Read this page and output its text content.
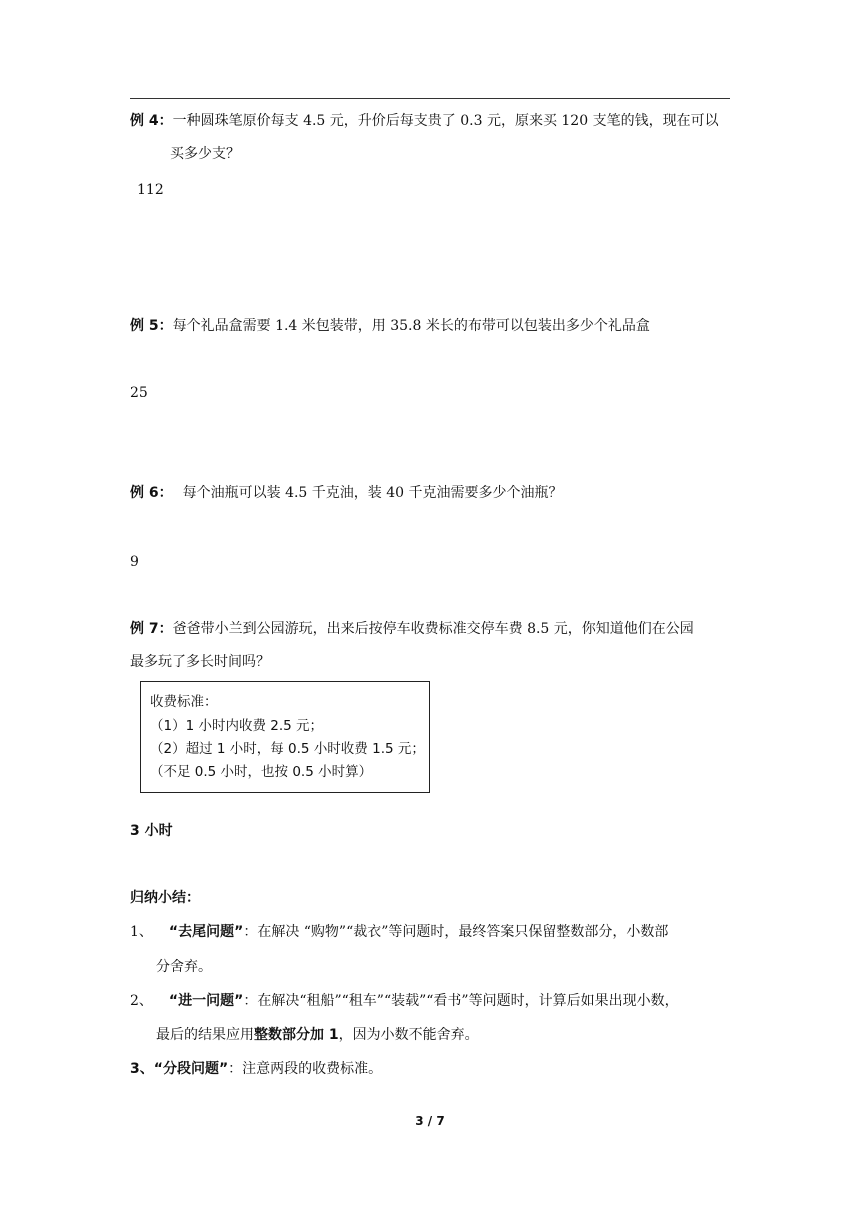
例 4：一种圆珠笔原价每支 4.5 元，升价后每支贵了 0.3 元，原来买 120 支笔的钱，现在可以
买多少支？
112
例 5：每个礼品盒需要 1.4 米包装带，用 35.8 米长的布带可以包装出多少个礼品盒
25
例 6： 每个油瓶可以装 4.5 千克油，装 40 千克油需要多少个油瓶？
9
例 7：爸爸带小兰到公园游玩，出来后按停车收费标准交停车费 8.5 元，你知道他们在公园
最多玩了多长时间吗？
收费标准：
（1）1 小时内收费 2.5 元；
（2）超过 1 小时，每 0.5 小时收费 1.5 元；
（不足 0.5 小时，也按 0.5 小时算）
3 小时
归纳小结：
1、 “去尾问题”：在解决 “购物”“裁衣”等问题时，最终答案只保留整数部分，小数部
分舍弃。
2、 “进一问题”：在解决“租船”“租车”“装载”“看书”等问题时，计算后如果出现小数，
最后的结果应用整数部分加 1，因为小数不能舍弃。
3、“分段问题”：注意两段的收费标准。
3 / 7
